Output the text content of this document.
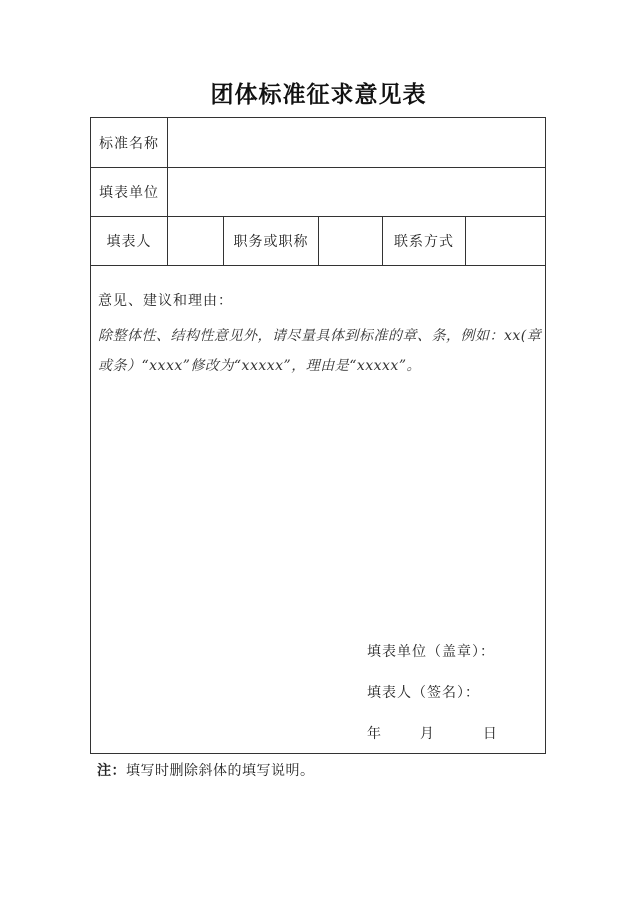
团体标准征求意见表
标准名称
填表单位
填表人	职务或职称	联系方式
意见、建议和理由：
除整体性、结构性意见外，请尽量具体到标准的章、条，例如：xx(章
或条）“xxxx”修改为“xxxxx”，理由是“xxxxx”。
填表单位（盖章）：
填表人（签名）：
年	月	日
注：填写时删除斜体的填写说明。
